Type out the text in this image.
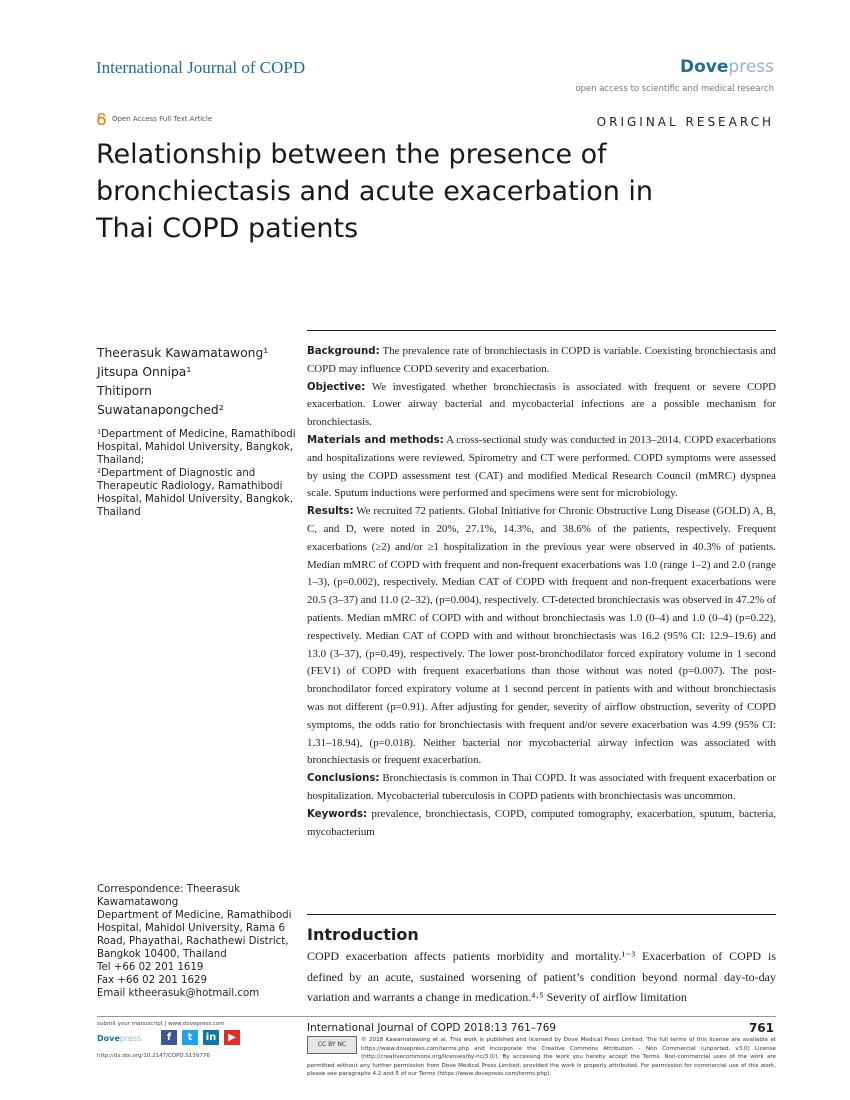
International Journal of COPD	Dovepress
open access to scientific and medical research
Open Access Full Text Article	ORIGINAL RESEARCH
Relationship between the presence of bronchiectasis and acute exacerbation in Thai COPD patients
Theerasuk Kawamatawong¹
Jitsupa Onnipa¹
Thitiporn
Suwatanapongched²
¹Department of Medicine, Ramathibodi Hospital, Mahidol University, Bangkok, Thailand;
²Department of Diagnostic and Therapeutic Radiology, Ramathibodi Hospital, Mahidol University, Bangkok, Thailand
Correspondence: Theerasuk Kawamatawong
Department of Medicine, Ramathibodi Hospital, Mahidol University, Rama 6 Road, Phayathai, Rachathewi District, Bangkok 10400, Thailand
Tel +66 02 201 1619
Fax +66 02 201 1629
Email ktheerasuk@hotmail.com

Background: The prevalence rate of bronchiectasis in COPD is variable. Coexisting bronchiectasis and COPD may influence COPD severity and exacerbation.

Objective: We investigated whether bronchiectasis is associated with frequent or severe COPD exacerbation. Lower airway bacterial and mycobacterial infections are a possible mechanism for bronchiectasis.

Materials and methods: A cross-sectional study was conducted in 2013–2014. COPD exacerbations and hospitalizations were reviewed. Spirometry and CT were performed. COPD symptoms were assessed by using the COPD assessment test (CAT) and modified Medical Research Council (mMRC) dyspnea scale. Sputum inductions were performed and specimens were sent for microbiology.

Results: We recruited 72 patients. Global Initiative for Chronic Obstructive Lung Disease (GOLD) A, B, C, and D, were noted in 20%, 27.1%, 14.3%, and 38.6% of the patients, respectively. Frequent exacerbations (≥2) and/or ≥1 hospitalization in the previous year were observed in 40.3% of patients. Median mMRC of COPD with frequent and non-frequent exacerbations was 1.0 (range 1–2) and 2.0 (range 1–3), (p=0.002), respectively. Median CAT of COPD with frequent and non-frequent exacerbations were 20.5 (3–37) and 11.0 (2–32), (p=0.004), respectively. CT-detected bronchiectasis was observed in 47.2% of patients. Median mMRC of COPD with and without bronchiectasis was 1.0 (0–4) and 1.0 (0–4) (p=0.22), respectively. Median CAT of COPD with and without bronchiectasis was 16.2 (95% CI: 12.9–19.6) and 13.0 (3–37), (p=0.49), respectively. The lower post-bronchodilator forced expiratory volume in 1 second (FEV1) of COPD with frequent exacerbations than those without was noted (p=0.007). The post-bronchodilator forced expiratory volume at 1 second percent in patients with and without bronchiectasis was not different (p=0.91). After adjusting for gender, severity of airflow obstruction, severity of COPD symptoms, the odds ratio for bronchiectasis with frequent and/or severe exacerbation was 4.99 (95% CI: 1.31–18.94), (p=0.018). Neither bacterial nor mycobacterial airway infection was associated with bronchiectasis or frequent exacerbation.

Conclusions: Bronchiectasis is common in Thai COPD. It was associated with frequent exacerbation or hospitalization. Mycobacterial tuberculosis in COPD patients with bronchiectasis was uncommon.

Keywords: prevalence, bronchiectasis, COPD, computed tomography, exacerbation, sputum, bacteria, mycobacterium

Introduction

COPD exacerbation affects patients morbidity and mortality.¹⁻³ Exacerbation of COPD is defined by an acute, sustained worsening of patient’s condition beyond normal day-to-day variation and warrants a change in medication.⁴·⁵ Severity of airflow limitation

submit your manuscript | www.dovepress.com
Dovepress	f	t	in	▶
http://dx.doi.org/10.2147/COPD.S139776
International Journal of COPD 2018:13 761–769	761
CC BY NC
© 2018 Kawamatawong et al. This work is published and licensed by Dove Medical Press Limited. The full terms of this license are available at https://www.dovepress.com/terms.php and incorporate the Creative Commons Attribution – Non Commercial (unported, v3.0) License (http://creativecommons.org/licenses/by-nc/3.0/). By accessing the work you hereby accept the Terms. Non-commercial uses of the work are permitted without any further permission from Dove Medical Press Limited, provided the work is properly attributed. For permission for commercial use of this work, please see paragraphs 4.2 and 5 of our Terms (https://www.dovepress.com/terms.php).
